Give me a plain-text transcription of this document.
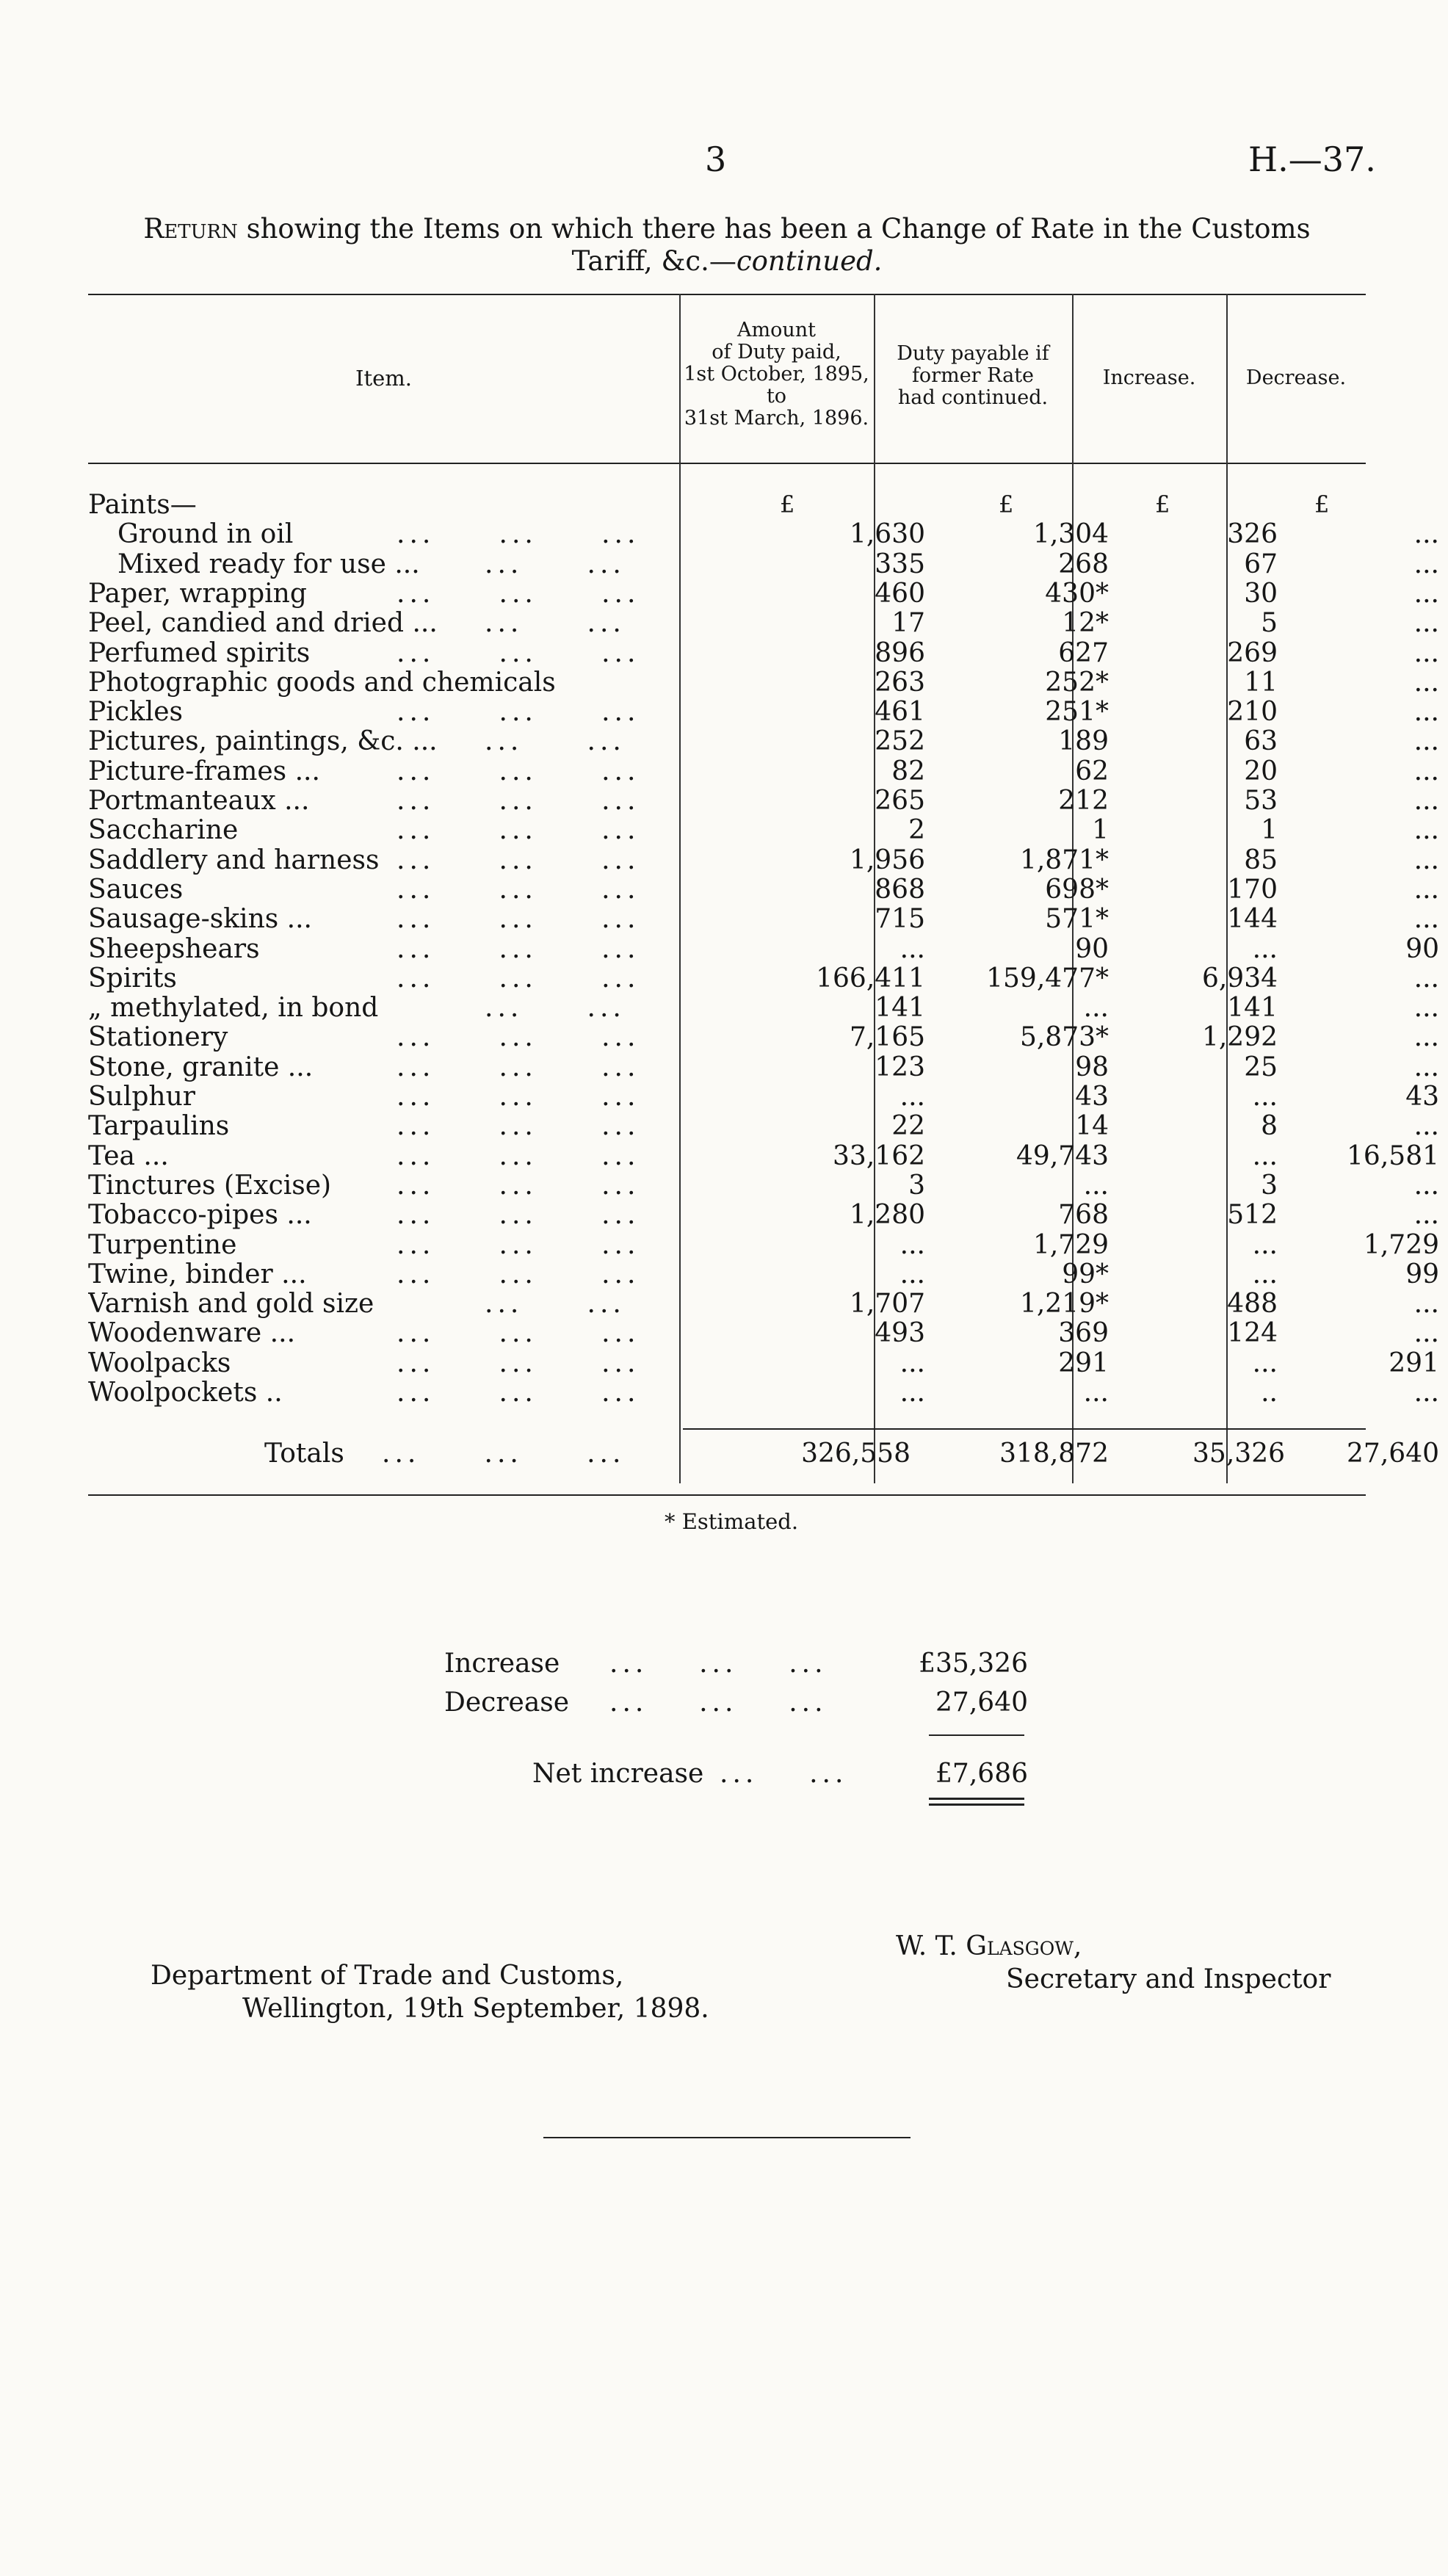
3	H.—37.
Return showing the Items on which there has been a Change of Rate in the Customs
Tariff, &c.—continued.
Item.
Amount
of Duty paid,
1st October, 1895,
to
31st March, 1896.
Duty payable if
former Rate
had continued.
Increase.	Decrease.
£	£	£	£
Paints—
Ground in oil	...     ...     ...	1,630	1,304	326	...
Mixed ready for use ... ...     ...	335	268	67	...
Paper, wrapping	...     ...     ...	460	430*	30	...
Peel, candied and dried ... ...     ...	17	12*	5	...
Perfumed spirits	...     ...     ...	896	627	269	...
Photographic goods and chemicals	263	252*	11	...
Pickles	...     ...     ...	461	251*	210	...
Pictures, paintings, &c. ... ...     ...	252	189	63	...
Picture-frames ...	...     ...     ...	82	62	20	...
Portmanteaux ...	...     ...     ...	265	212	53	...
Saccharine	...     ...     ...	2	1	1	...
Saddlery and harness ...     ...     ...	1,956	1,871*	85	...
Sauces	...     ...     ...	868	698*	170	...
Sausage-skins ...	...     ...     ...	715	571*	144	...
Sheepshears	...     ...     ...	...	90	...	90
Spirits	...     ...     ...	166,411	159,477*	6,934	...
„ methylated, in bond	...     ...	141	...	141	...
Stationery	...     ...     ...	7,165	5,873*	1,292	...
Stone, granite ...	...     ...     ...	123	98	25	...
Sulphur	...     ...     ...	...	43	...	43
Tarpaulins	...     ...     ...	22	14	8	...
Tea ...	...     ...     ...	33,162	49,743	...	16,581
Tinctures (Excise) ...     ...     ...	3	...	3	...
Tobacco-pipes ...	...     ...     ...	1,280	768	512	...
Turpentine	...     ...     ...	...	1,729	...	1,729
Twine, binder ...	...     ...     ...	...	99*	...	99
Varnish and gold size	...     ...	1,707	1,219*	488	...
Woodenware ...	...     ...     ...	493	369	124	...
Woolpacks	...     ...     ...	...	291	...	291
Woolpockets ..	...     ...     ...	...	...	..	...
Totals ...     ...     ...	326,558	318,872	35,326	27,640
* Estimated.
Increase ...    ...    ...	£35,326
Decrease ...    ...    ...	27,640
Net increase ...    ...	£7,686
W. T. Glasgow,
Secretary and Inspector
Department of Trade and Customs,
Wellington, 19th September, 1898.
